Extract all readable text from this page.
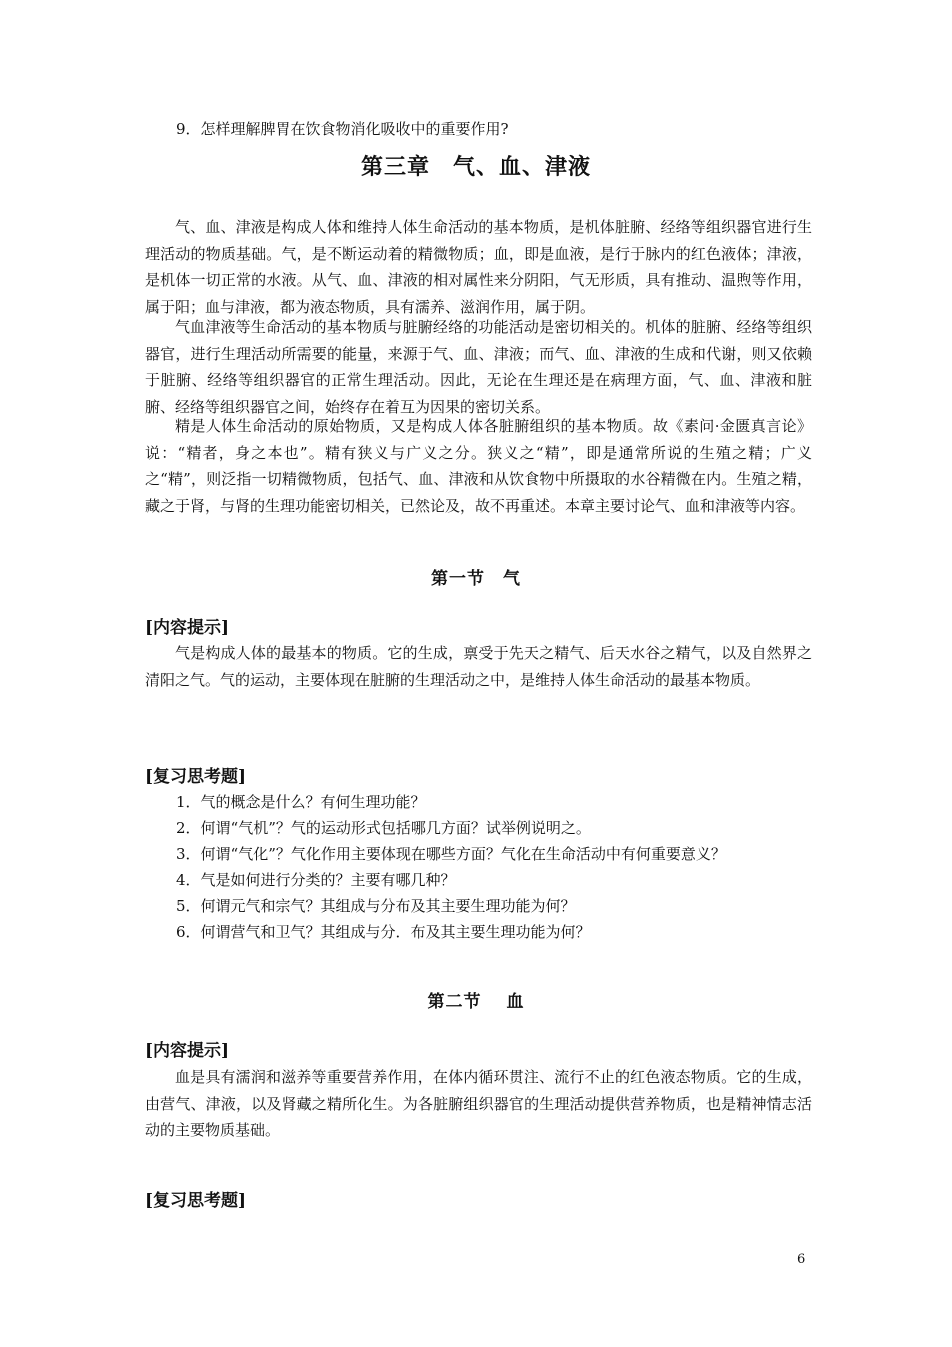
9．怎样理解脾胃在饮食物消化吸收中的重要作用?
第三章　气、血、津液

气、血、津液是构成人体和维持人体生命活动的基本物质，是机体脏腑、经络等组织器官进行生理活动的物质基础。气，是不断运动着的精微物质；血，即是血液，是行于脉内的红色液体；津液，是机体一切正常的水液。从气、血、津液的相对属性来分阴阳，气无形质，具有推动、温煦等作用，属于阳；血与津液，都为液态物质，具有濡养、滋润作用，属于阴。

气血津液等生命活动的基本物质与脏腑经络的功能活动是密切相关的。机体的脏腑、经络等组织器官，进行生理活动所需要的能量，来源于气、血、津液；而气、血、津液的生成和代谢，则又依赖于脏腑、经络等组织器官的正常生理活动。因此，无论在生理还是在病理方面，气、血、津液和脏腑、经络等组织器官之间，始终存在着互为因果的密切关系。

精是人体生命活动的原始物质，又是构成人体各脏腑组织的基本物质。故《素问·金匮真言论》说：“精者，身之本也”。精有狭义与广义之分。狭义之“精”，即是通常所说的生殖之精；广义之“精”，则泛指一切精微物质，包括气、血、津液和从饮食物中所摄取的水谷精微在内。生殖之精，藏之于肾，与肾的生理功能密切相关，已然论及，故不再重述。本章主要讨论气、血和津液等内容。

第一节　气
[内容提示]

气是构成人体的最基本的物质。它的生成，禀受于先天之精气、后天水谷之精气，以及自然界之清阳之气。气的运动，主要体现在脏腑的生理活动之中，是维持人体生命活动的最基本物质。

[复习思考题]
1．气的概念是什么？有何生理功能？
2．何谓“气机”？气的运动形式包括哪几方面？试举例说明之。
3．何谓“气化”？气化作用主要体现在哪些方面？气化在生命活动中有何重要意义？
4．气是如何进行分类的？主要有哪几种？
5．何谓元气和宗气？其组成与分布及其主要生理功能为何？
6．何谓营气和卫气？其组成与分．布及其主要生理功能为何？
第二节　 血
[内容提示]

血是具有濡润和滋养等重要营养作用，在体内循环贯注、流行不止的红色液态物质。它的生成，由营气、津液，以及肾藏之精所化生。为各脏腑组织器官的生理活动提供营养物质，也是精神情志活动的主要物质基础。

[复习思考题]
6
